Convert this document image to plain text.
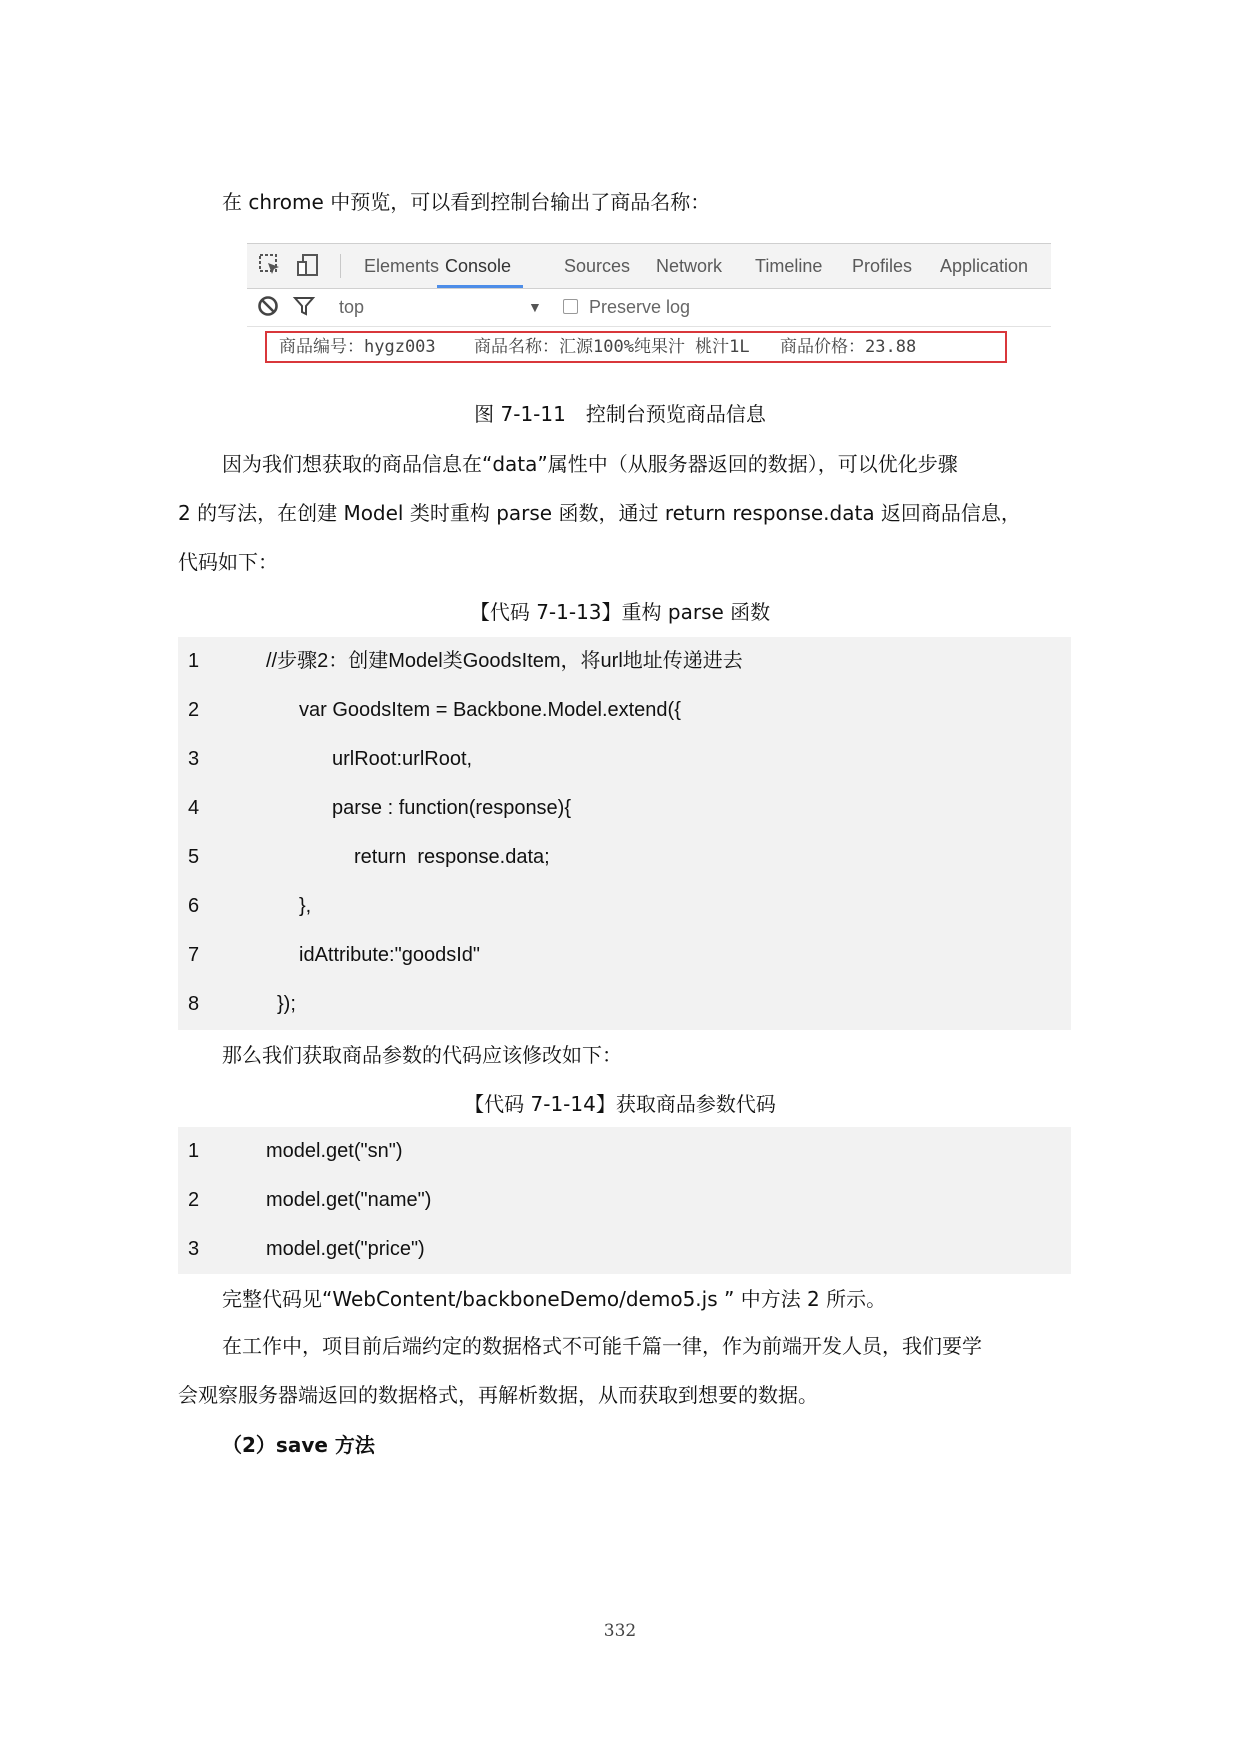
在 chrome 中预览，可以看到控制台输出了商品名称：
Elements Console	Sources Network Timeline Profiles Application
top	▼	Preserve log
商品编号：hygz003 商品名称：汇源100%纯果汁 桃汁1L 商品价格：23.88
图 7-1-11　控制台预览商品信息
因为我们想获取的商品信息在“data”属性中（从服务器返回的数据），可以优化步骤
2 的写法，在创建 Model 类时重构 parse 函数，通过 return response.data 返回商品信息，
代码如下：
【代码 7-1-13】重构 parse 函数
1	//步骤2：创建Model类GoodsItem，将url地址传递进去
2	var GoodsItem = Backbone.Model.extend({
3	urlRoot:urlRoot,
4	parse : function(response){
5	return  response.data;
6	},
7	idAttribute:"goodsId"
8	});
那么我们获取商品参数的代码应该修改如下：
【代码 7-1-14】获取商品参数代码
1	model.get("sn")
2	model.get("name")
3	model.get("price")
完整代码见“WebContent/backboneDemo/demo5.js ” 中方法 2 所示。
在工作中，项目前后端约定的数据格式不可能千篇一律，作为前端开发人员，我们要学
会观察服务器端返回的数据格式，再解析数据，从而获取到想要的数据。
（2）save 方法
332
